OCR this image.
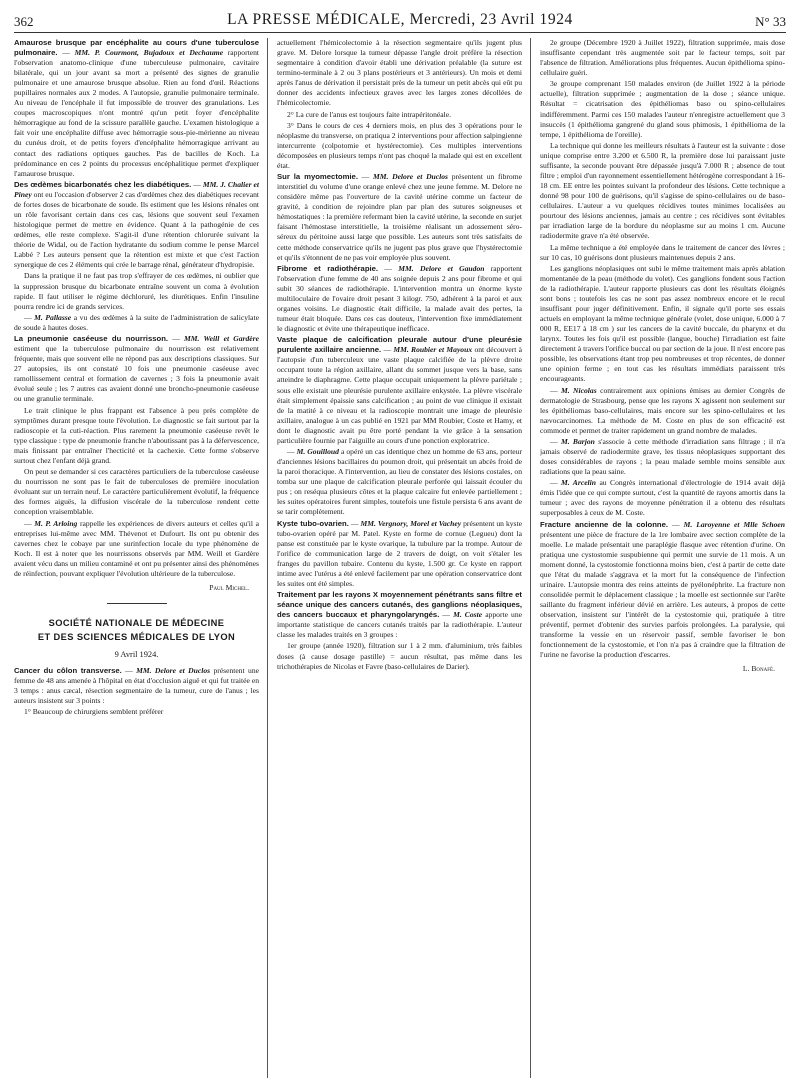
362	LA PRESSE MÉDICALE, Mercredi, 23 Avril 1924	N° 33

Amaurose brusque par encéphalite au cours d'une tuberculose pulmonaire. — MM. P. Courmont, Bujadoux et Dechaume rapportent l'observation anatomo-clinique d'une tuberculeuse pulmonaire, cavitaire bilatérale, qui un jour avant sa mort a présenté des signes de granulie pulmonaire et une amaurose brusque absolue. Rien au fond d'œil. Réactions pupillaires normales aux 2 modes. A l'autopsie, granulie pulmonaire terminale. Au niveau de l'encéphale il fut impossible de trouver des granulations. Les coupes macroscopiques n'ont montré qu'un petit foyer d'encéphalite hémorragique au fond de la scissure parallèle gauche. L'examen histologique a fait voir une encéphalite diffuse avec hémorragie sous-pie-mérienne au niveau du cunéus droit, et de petits foyers d'encéphalite hémorragique arrivant au contact des radiations optiques gauches. Pas de bacilles de Koch. La prédominance en ces 2 points du processus encéphalitique permet d'expliquer l'amaurose brusque.

Des œdèmes bicarbonatés chez les diabétiques. — MM. J. Chalier et Piney ont eu l'occasion d'observer 2 cas d'œdèmes chez des diabétiques recevant de fortes doses de bicarbonate de soude. Ils estiment que les lésions rénales ont un rôle favorisant certain dans ces cas, lésions que souvent seul l'examen histologique permet de mettre en évidence. Quant à la pathogénie de ces œdèmes, elle reste complexe. S'agit-il d'une rétention chlorurée suivant la théorie de Widal, ou de l'action hydratante du sodium comme le pense Marcel Labbé ? Les auteurs pensent que la rétention est mixte et que c'est l'action synergique de ces 2 éléments qui crée le barrage rénal, générateur d'hydropisie.

Dans la pratique il ne faut pas trop s'effrayer de ces œdèmes, ni oublier que la suppression brusque du bicarbonate entraîne souvent un coma à évolution rapide. Il faut utiliser le régime déchloruré, les diurétiques. Enfin l'insuline pourra rendre ici de grands services.

— M. Pallasse a vu des œdèmes à la suite de l'administration de salicylate de soude à hautes doses.

La pneumonie caséeuse du nourrisson. — MM. Weill et Gardère estiment que la tuberculose pulmonaire du nourrisson est relativement fréquente, mais que souvent elle ne répond pas aux descriptions classiques. Sur 27 autopsies, ils ont constaté 10 fois une pneumonie caséeuse avec ramollissement central et formation de cavernes ; 3 fois la pneumonie avait évolué seule ; les 7 autres cas avaient donné une broncho-pneumonie caséeuse ou une granulie terminale.

Le trait clinique le plus frappant est l'absence à peu près complète de symptômes durant presque toute l'évolution. Le diagnostic se fait surtout par la radioscopie et la cuti-réaction. Plus rarement la pneumonie caséeuse revêt le type classique : type de pneumonie franche n'aboutissant pas à la défervescence, mais finissant par entraîner l'hecticité et la cachexie. Cette forme s'observe surtout chez l'enfant déjà grand.

On peut se demander si ces caractères particuliers de la tuberculose caséeuse du nourrisson ne sont pas le fait de tuberculoses de première inoculation évoluant sur un terrain neuf. Le caractère particulièrement évolutif, la fréquence des formes aiguës, la diffusion viscérale de la tuberculose rendent cette conception vraisemblable.

— M. P. Arloing rappelle les expériences de divers auteurs et celles qu'il a entreprises lui-même avec MM. Thévenot et Dufourt. Ils ont pu obtenir des cavernes chez le cobaye par une surinfection locale du type phénomène de Koch. Il est à noter que les nourrissons observés par MM. Weill et Gardère avaient vécu dans un milieu contaminé et ont pu présenter ainsi des phénomènes de réinfection, pouvant expliquer l'évolution ultérieure de la tuberculose.

Paul Michel.

SOCIÉTÉ NATIONALE DE MÉDECINE
ET DES SCIENCES MÉDICALES DE LYON
9 Avril 1924.

Cancer du côlon transverse. — MM. Delore et Duclos présentent une femme de 48 ans amenée à l'hôpital en état d'occlusion aiguë et qui fut traitée en 3 temps : anus cæcal, résection segmentaire de la tumeur, cure de l'anus ; les auteurs insistent sur 3 points :

1° Beaucoup de chirurgiens semblent préférer

actuellement l'hémicolectomie à la résection segmentaire qu'ils jugent plus grave. M. Delore lorsque la tumeur dépasse l'angle droit préfère la résection segmentaire à condition d'avoir établi une dérivation préalable (la suture est termino-terminale à 2 ou 3 plans postérieurs et 3 antérieurs). Un mois et demi après l'anus de dérivation il persistait près de la tumeur un petit abcès qui eût pu donner des accidents infectieux graves avec les larges zones décollées de l'hémicolectomie.

2° La cure de l'anus est toujours faite intrapéritonéale.

3° Dans le cours de ces 4 derniers mois, en plus des 3 opérations pour le néoplasme du transverse, on pratiqua 2 interventions pour affection salpingienne intercurrente (colpotomie et hystérectomie). Ces multiples interventions décomposées en plusieurs temps n'ont pas choqué la malade qui est en excellent état.

Sur la myomectomie. — MM. Delore et Duclos présentent un fibrome interstitiel du volume d'une orange enlevé chez une jeune femme. M. Delore ne considère même pas l'ouverture de la cavité utérine comme un facteur de gravité, à condition de rejoindre plan par plan des sutures soigneuses et hémostatiques : la première refermant bien la cavité utérine, la seconde en surjet faisant l'hémostase interstitielle, la troisième réalisant un adossement séro-séreux du péritoine aussi large que possible. Les auteurs sont très satisfaits de cette méthode conservatrice qu'ils ne jugent pas plus grave que l'hystérectomie et qu'ils s'étonnent de ne pas voir employée plus souvent.

Fibrome et radiothérapie. — MM. Delore et Gaudon rapportent l'observation d'une femme de 40 ans soignée depuis 2 ans pour fibrome et qui subit 30 séances de radiothérapie. L'intervention montra un énorme kyste multiloculaire de l'ovaire droit pesant 3 kilogr. 750, adhérent à la paroi et aux organes voisins. Le diagnostic était difficile, la malade avait des pertes, la tumeur était bloquée. Dans ces cas douteux, l'intervention fixe immédiatement le diagnostic et évite une thérapeutique inefficace.

Vaste plaque de calcification pleurale autour d'une pleurésie purulente axillaire ancienne. — MM. Roubier et Mayoux ont découvert à l'autopsie d'un tuberculeux une vaste plaque calcifiée de la plèvre droite occupant toute la région axillaire, allant du sommet jusque vers la base, sans atteindre le diaphragme. Cette plaque occupait uniquement la plèvre pariétale ; sous elle existait une pleurésie purulente axillaire enkystée. La plèvre viscérale était simplement épaissie sans calcification ; au point de vue clinique il existait de la matité à ce niveau et la radioscopie montrait une image de pleurésie axillaire, analogue à un cas publié en 1921 par MM Roubier, Coste et Hamy, et dont le diagnostic avait pu être porté pendant la vie grâce à la sensation particulière fournie par l'aiguille au cours d'une ponction exploratrice.

— M. Gouilloud a opéré un cas identique chez un homme de 63 ans, porteur d'anciennes lésions bacillaires du poumon droit, qui présentait un abcès froid de la paroi thoracique. A l'intervention, au lieu de constater des lésions costales, on tomba sur une plaque de calcification pleurale perforée qui laissait écouler du pus ; on reséqua plusieurs côtes et la plaque calcaire fut enlevée partiellement ; les suites opératoires furent simples, toutefois une fistule persista 6 ans avant de se tarir complètement.

Kyste tubo-ovarien. — MM. Vergnory, Morel et Vachey présentent un kyste tubo-ovarien opéré par M. Patel. Kyste en forme de cornue (Legueu) dont la panse est constituée par le kyste ovarique, la tubulure par la trompe. Autour de l'orifice de communication large de 2 travers de doigt, on voit s'étaler les franges du pavillon tubaire. Contenu du kyste, 1.500 gr. Ce kyste en rapport intime avec l'utérus a été enlevé facilement par une opération conservatrice dont les suites ont été simples.

Traitement par les rayons X moyennement pénétrants sans filtre et séance unique des cancers cutanés, des ganglions néoplasiques, des cancers buccaux et pharyngolaryngés. — M. Coste apporte une importante statistique de cancers cutanés traités par la radiothérapie. L'auteur classe les malades traités en 3 groupes :

1er groupe (année 1920), filtration sur 1 à 2 mm. d'aluminium, très faibles doses (à cause dosage pastille) = aucun résultat, pas même dans les trichothérapies de Nicolas et Favre (baso-cellulaires de Darier).

2e groupe (Décembre 1920 à Juillet 1922), filtration supprimée, mais dose insuffisante cependant très augmentée soit par le facteur temps, soit par l'absence de filtration. Améliorations plus fréquentes. Aucun épithélioma spino-cellulaire guéri.

3e groupe comprenant 150 malades environ (de Juillet 1922 à la période actuelle), filtration supprimée ; augmentation de la dose ; séance unique. Résultat = cicatrisation des épithéliomas baso ou spino-cellulaires indifféremment. Parmi ces 150 malades l'auteur n'enregistre actuellement que 3 insuccès (1 épithélioma gangrené du gland sous phimosis, 1 épithélioma de la tempe, 1 épithélioma de l'oreille).

La technique qui donne les meilleurs résultats à l'auteur est la suivante : dose unique comprise entre 3.200 et 6.500 R, la première dose lui paraissant juste suffisante, la seconde pouvant être dépassée jusqu'à 7.000 R ; absence de tout filtre ; emploi d'un rayonnement essentiellement hétérogène correspondant à 16-18 cm. EE entre les pointes suivant la profondeur des lésions. Cette technique a donné 98 pour 100 de guérisons, qu'il s'agisse de spino-cellulaires ou de baso-cellulaires. L'auteur a vu quelques récidives toutes minimes localisées au pourtour des lésions anciennes, jamais au centre ; ces récidives sont évitables par irradiation large de la bordure du néoplasme sur au moins 1 cm. Aucune radiodermite grave n'a été observée.

La même technique a été employée dans le traitement de cancer des lèvres ; sur 10 cas, 10 guérisons dont plusieurs maintenues depuis 2 ans.

Les ganglions néoplasiques ont subi le même traitement mais après ablation momentanée de la peau (méthode du volet). Ces ganglions fondent sous l'action de la radiothérapie. L'auteur rapporte plusieurs cas dont les résultats éloignés sont bons ; toutefois les cas ne sont pas assez nombreux encore et le recul insuffisant pour juger définitivement. Enfin, il signale qu'il porte ses essais actuels en employant la même technique générale (volet, dose unique, 6.000 à 7 000 R, EE17 à 18 cm ) sur les cancers de la cavité buccale, du pharynx et du larynx. Toutes les fois qu'il est possible (langue, bouche) l'irradiation est faite directement à travers l'orifice buccal ou par section de la joue. Il n'est encore pas possible, les observations étant trop peu nombreuses et trop récentes, de donner une opinion ferme ; en tout cas les résultats immédiats paraissent très encourageants.

— M. Nicolas contrairement aux opinions émises au dernier Congrès de dermatologie de Strasbourg, pense que les rayons X agissent non seulement sur les épithéliomas baso-cellulaires, mais encore sur les spino-cellulaires et les nævocarcinomes. La méthode de M. Coste en plus de son efficacité est commode et permet de traiter rapidement un grand nombre de malades.

— M. Barjon s'associe à cette méthode d'irradiation sans filtrage ; il n'a jamais observé de radiodermite grave, les tissus néoplasiques supportant des doses considérables de rayons ; la peau malade semble moins sensible aux radiations que la peau saine.

— M. Arcelin au Congrès international d'électrologie de 1914 avait déjà émis l'idée que ce qui compte surtout, c'est la quantité de rayons amortis dans la tumeur ; avec des rayons de moyenne pénétration il a obtenu des résultats superposables à ceux de M. Coste.

Fracture ancienne de la colonne. — M. Laroyenne et Mlle Schoen présentent une pièce de fracture de la 1re lombaire avec section complète de la moelle. Le malade présentait une paraplégie flasque avec rétention d'urine. On pratiqua une cystostomie suspubienne qui permit une survie de 11 mois. A un moment donné, la cystostomie fonctionna moins bien, c'est à partir de cette date que l'état du malade s'aggrava et la mort fut la conséquence de l'infection urinaire. L'autopsie montra des reins atteints de pyélonéphrite. La fracture non consolidée permit le déplacement classique ; la moelle est sectionnée sur l'arête saillante du fragment inférieur dévié en arrière. Les auteurs, à propos de cette observation, insistent sur l'intérêt de la cystostomie qui, pratiquée à titre préventif, permet d'obtenir des survies parfois prolongées. La paralysie, qui transforme la vessie en un réservoir passif, semble favoriser le bon fonctionnement de la cystostomie, et l'on n'a pas à craindre que la filtration de l'urine ne favorise la production d'escarres.

L. Bonafé.
